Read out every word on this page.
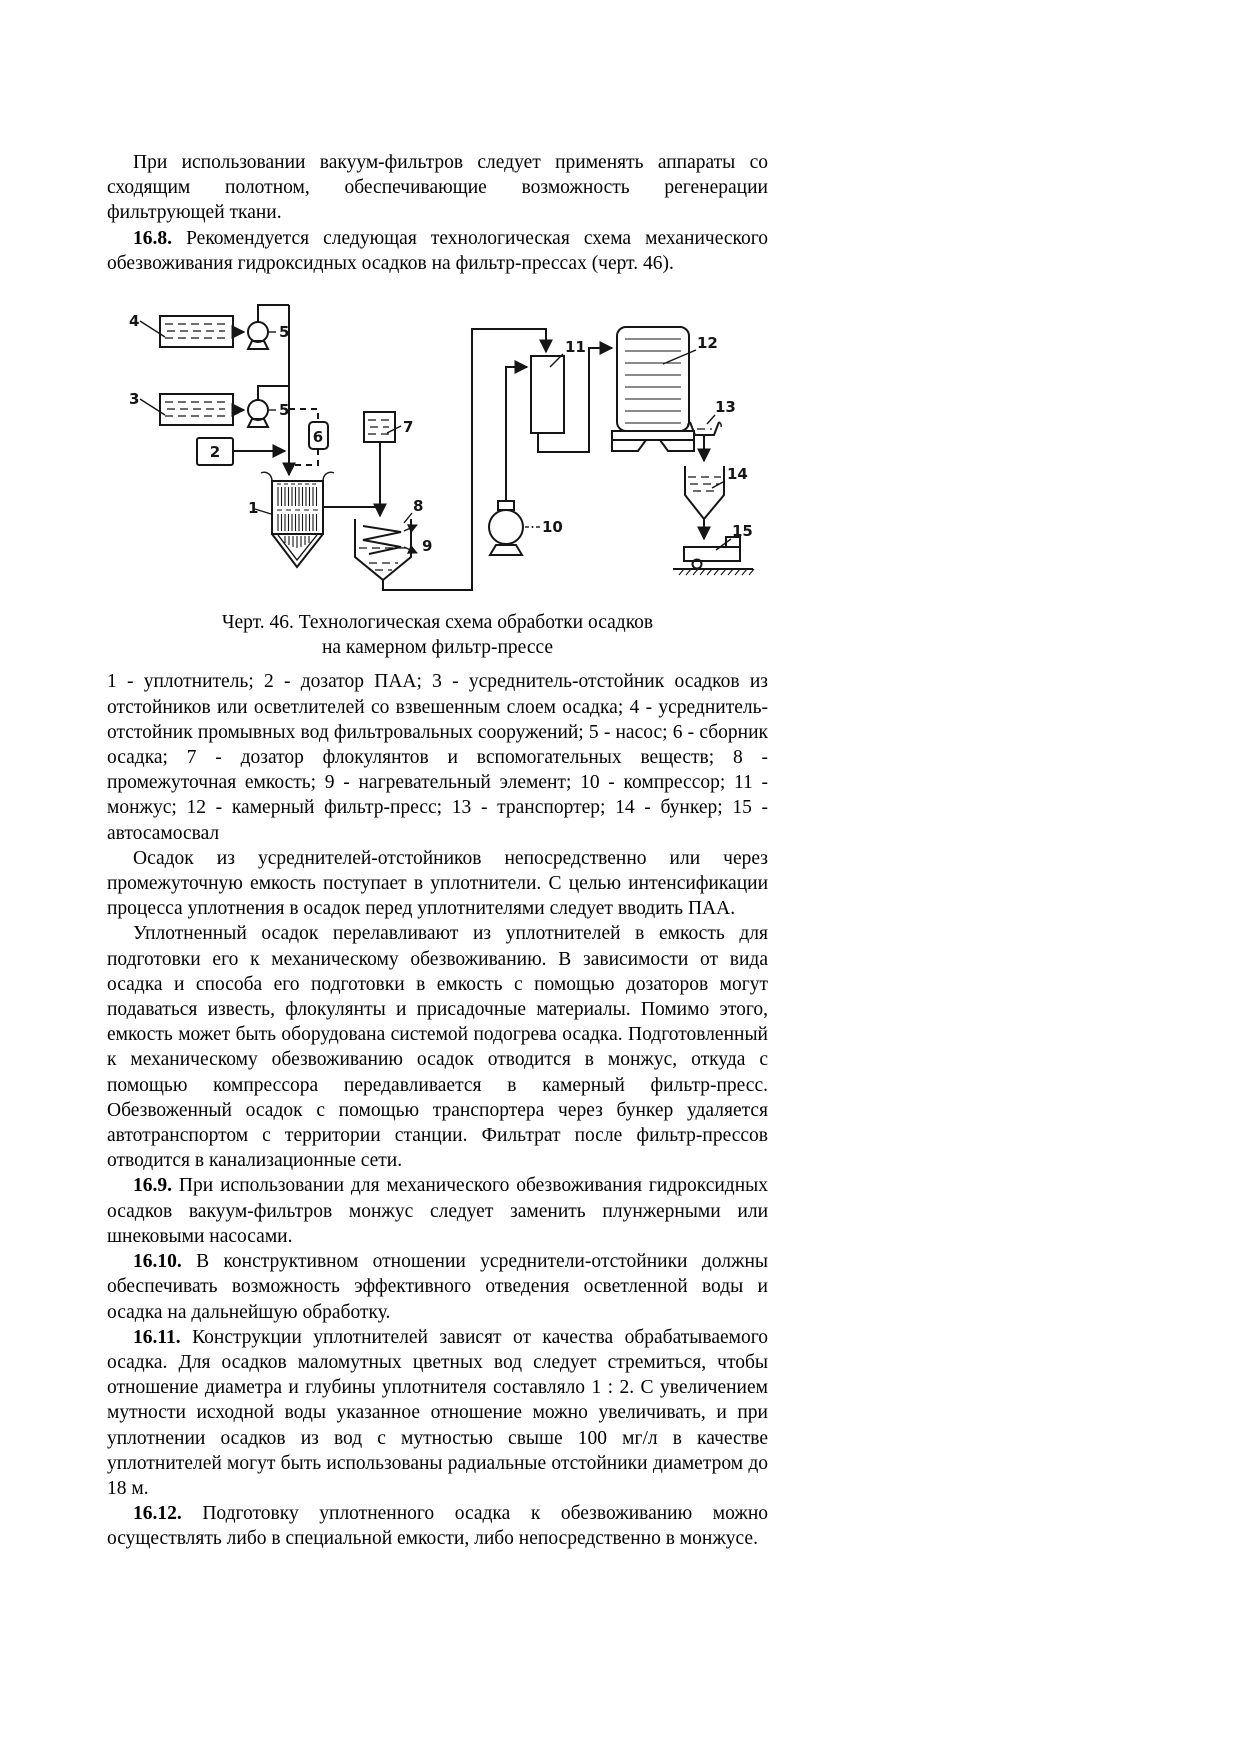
При использовании вакуум-фильтров следует применять аппараты со сходящим полотном, обеспечивающие возможность регенерации фильтрующей ткани.

16.8. Рекомендуется следующая технологическая схема механического обезвоживания гидроксидных осадков на фильтр-прессах (черт. 46).

4
5
3
5
2
6
1
7
8
9
11
10
12
13
14
15
Черт. 46. Технологическая схема обработки осадков
на камерном фильтр-прессе

1 - уплотнитель; 2 - дозатор ПАА; 3 - усреднитель-отстойник осадков из отстойников или осветлителей со взвешенным слоем осадка; 4 - усреднитель-отстойник промывных вод фильтровальных сооружений; 5 - насос; 6 - сборник осадка; 7 - дозатор флокулянтов и вспомогательных веществ; 8 - промежуточная емкость; 9 - нагревательный элемент; 10 - компрессор; 11 - монжус; 12 - камерный фильтр-пресс; 13 - транспортер; 14 - бункер; 15 - автосамосвал

Осадок из усреднителей-отстойников непосредственно или через промежуточную емкость поступает в уплотнители. С целью интенсификации процесса уплотнения в осадок перед уплотнителями следует вводить ПАА.

Уплотненный осадок перелавливают из уплотнителей в емкость для подготовки его к механическому обезвоживанию. В зависимости от вида осадка и способа его подготовки в емкость с помощью дозаторов могут подаваться известь, флокулянты и присадочные материалы. Помимо этого, емкость может быть оборудована системой подогрева осадка. Подготовленный к механическому обезвоживанию осадок отводится в монжус, откуда с помощью компрессора передавливается в камерный фильтр-пресс. Обезвоженный осадок с помощью транспортера через бункер удаляется автотранспортом с территории станции. Фильтрат после фильтр-прессов отводится в канализационные сети.

16.9. При использовании для механического обезвоживания гидроксидных осадков вакуум-фильтров монжус следует заменить плунжерными или шнековыми насосами.

16.10. В конструктивном отношении усреднители-отстойники должны обеспечивать возможность эффективного отведения осветленной воды и осадка на дальнейшую обработку.

16.11. Конструкции уплотнителей зависят от качества обрабатываемого осадка. Для осадков маломутных цветных вод следует стремиться, чтобы отношение диаметра и глубины уплотнителя составляло 1 : 2. С увеличением мутности исходной воды указанное отношение можно увеличивать, и при уплотнении осадков из вод с мутностью свыше 100 мг/л в качестве уплотнителей могут быть использованы радиальные отстойники диаметром до 18 м.

16.12. Подготовку уплотненного осадка к обезвоживанию можно осуществлять либо в специальной емкости, либо непосредственно в монжусе.
